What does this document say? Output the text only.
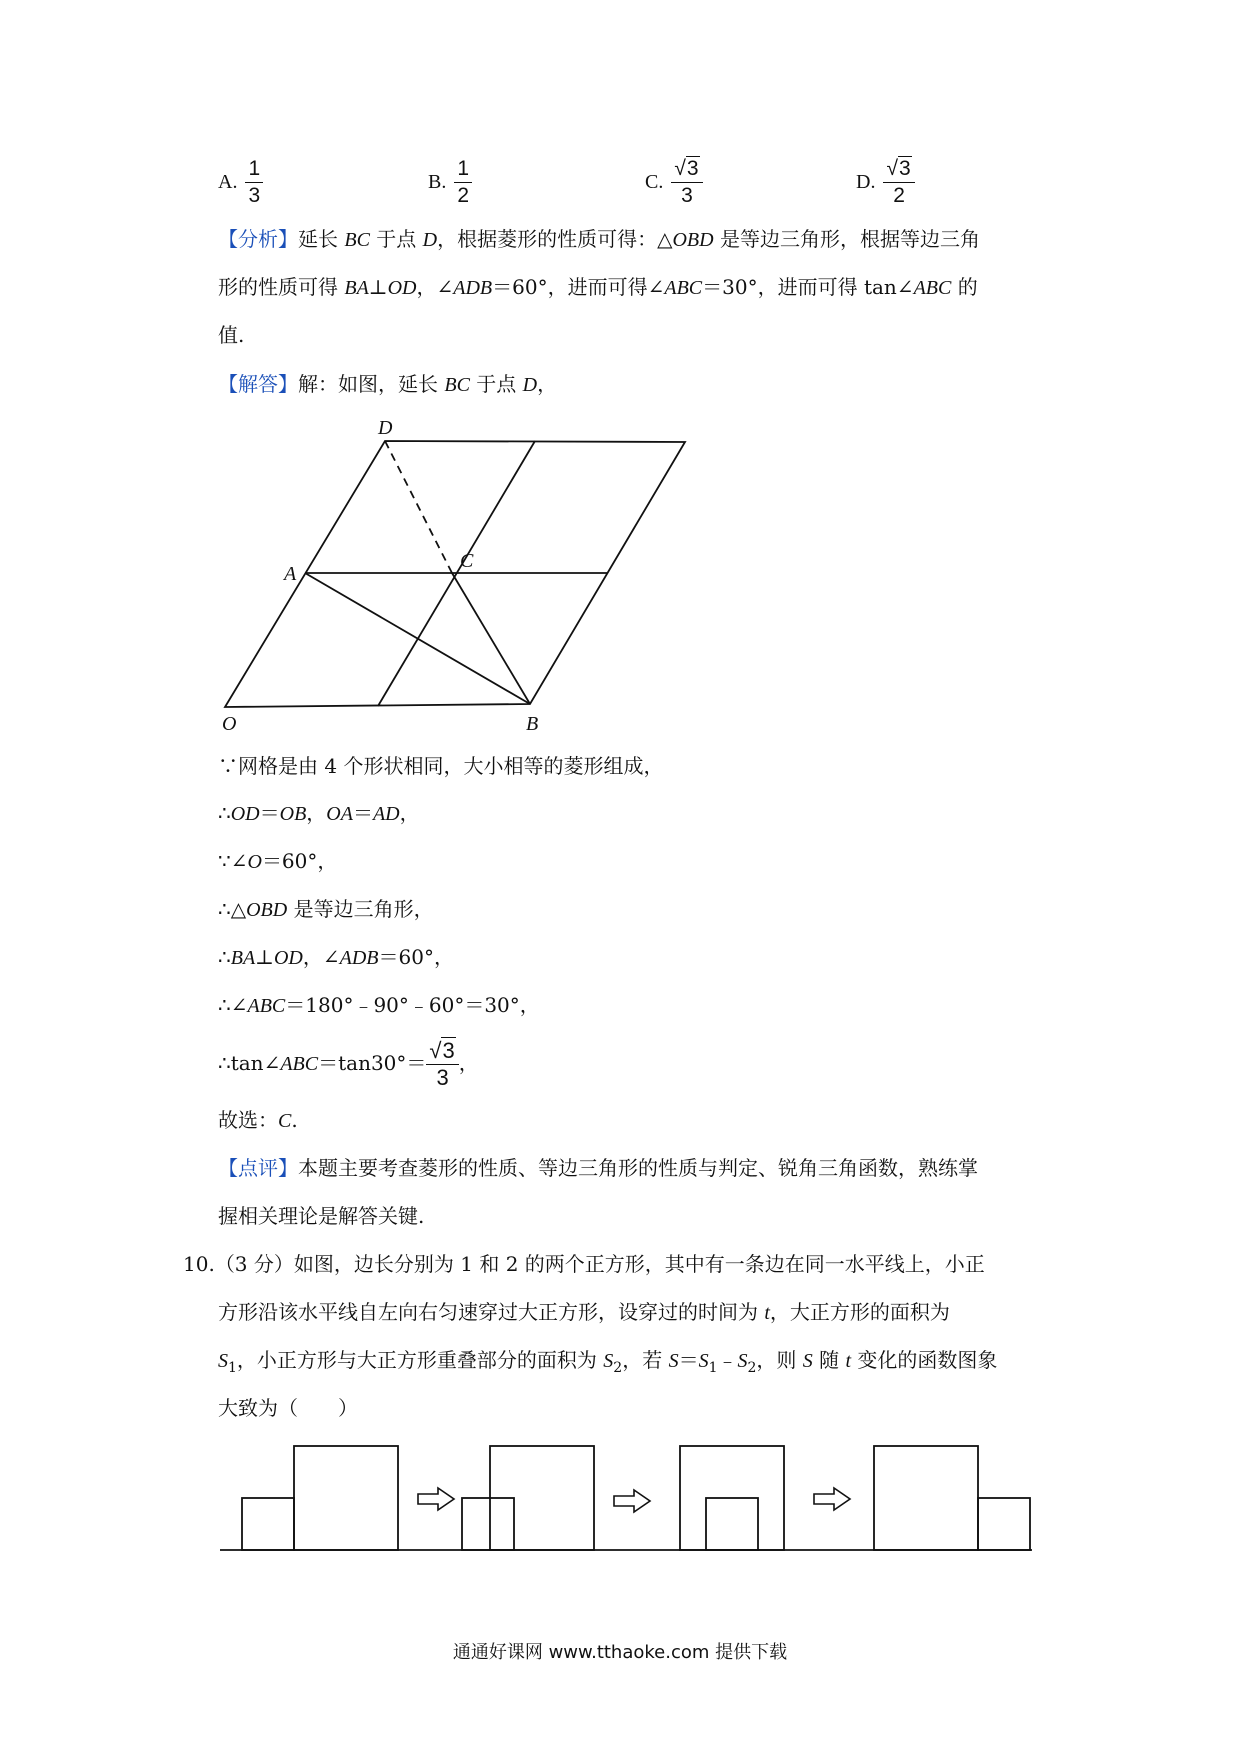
A. $\frac{1}{3}$	B. $\frac{1}{2}$	C. $\frac{√3}{3}$	D. $\frac{√3}{2}$
【分析】延长 BC 于点 D，根据菱形的性质可得：△OBD 是等边三角形，根据等边三角
形的性质可得 BA⊥OD，∠ADB＝60°，进而可得∠ABC＝30°，进而可得 tan∠ABC 的
值.
【解答】解：如图，延长 BC 于点 D，
D
C
A
O	B
∵网格是由 4 个形状相同，大小相等的菱形组成，
∴OD＝OB，OA＝AD，
∵∠O＝60°，
∴△OBD 是等边三角形，
∴BA⊥OD，∠ADB＝60°，
∴∠ABC＝180°﹣90°﹣60°＝30°，
∴tan∠ABC＝tan30°＝ $\frac{√3}{3}$ ，
故选：C.
【点评】本题主要考查菱形的性质、等边三角形的性质与判定、锐角三角函数，熟练掌
握相关理论是解答关键.
10.（3 分）如图，边长分别为 1 和 2 的两个正方形，其中有一条边在同一水平线上，小正
方形沿该水平线自左向右匀速穿过大正方形，设穿过的时间为 t，大正方形的面积为
$S_1$，小正方形与大正方形重叠部分的面积为 $S_2$，若 $S=S_1﹣S_2$，则 S 随 t 变化的函数图象
大致为（　　）
通通好课网 www.tthaoke.com 提供下载
